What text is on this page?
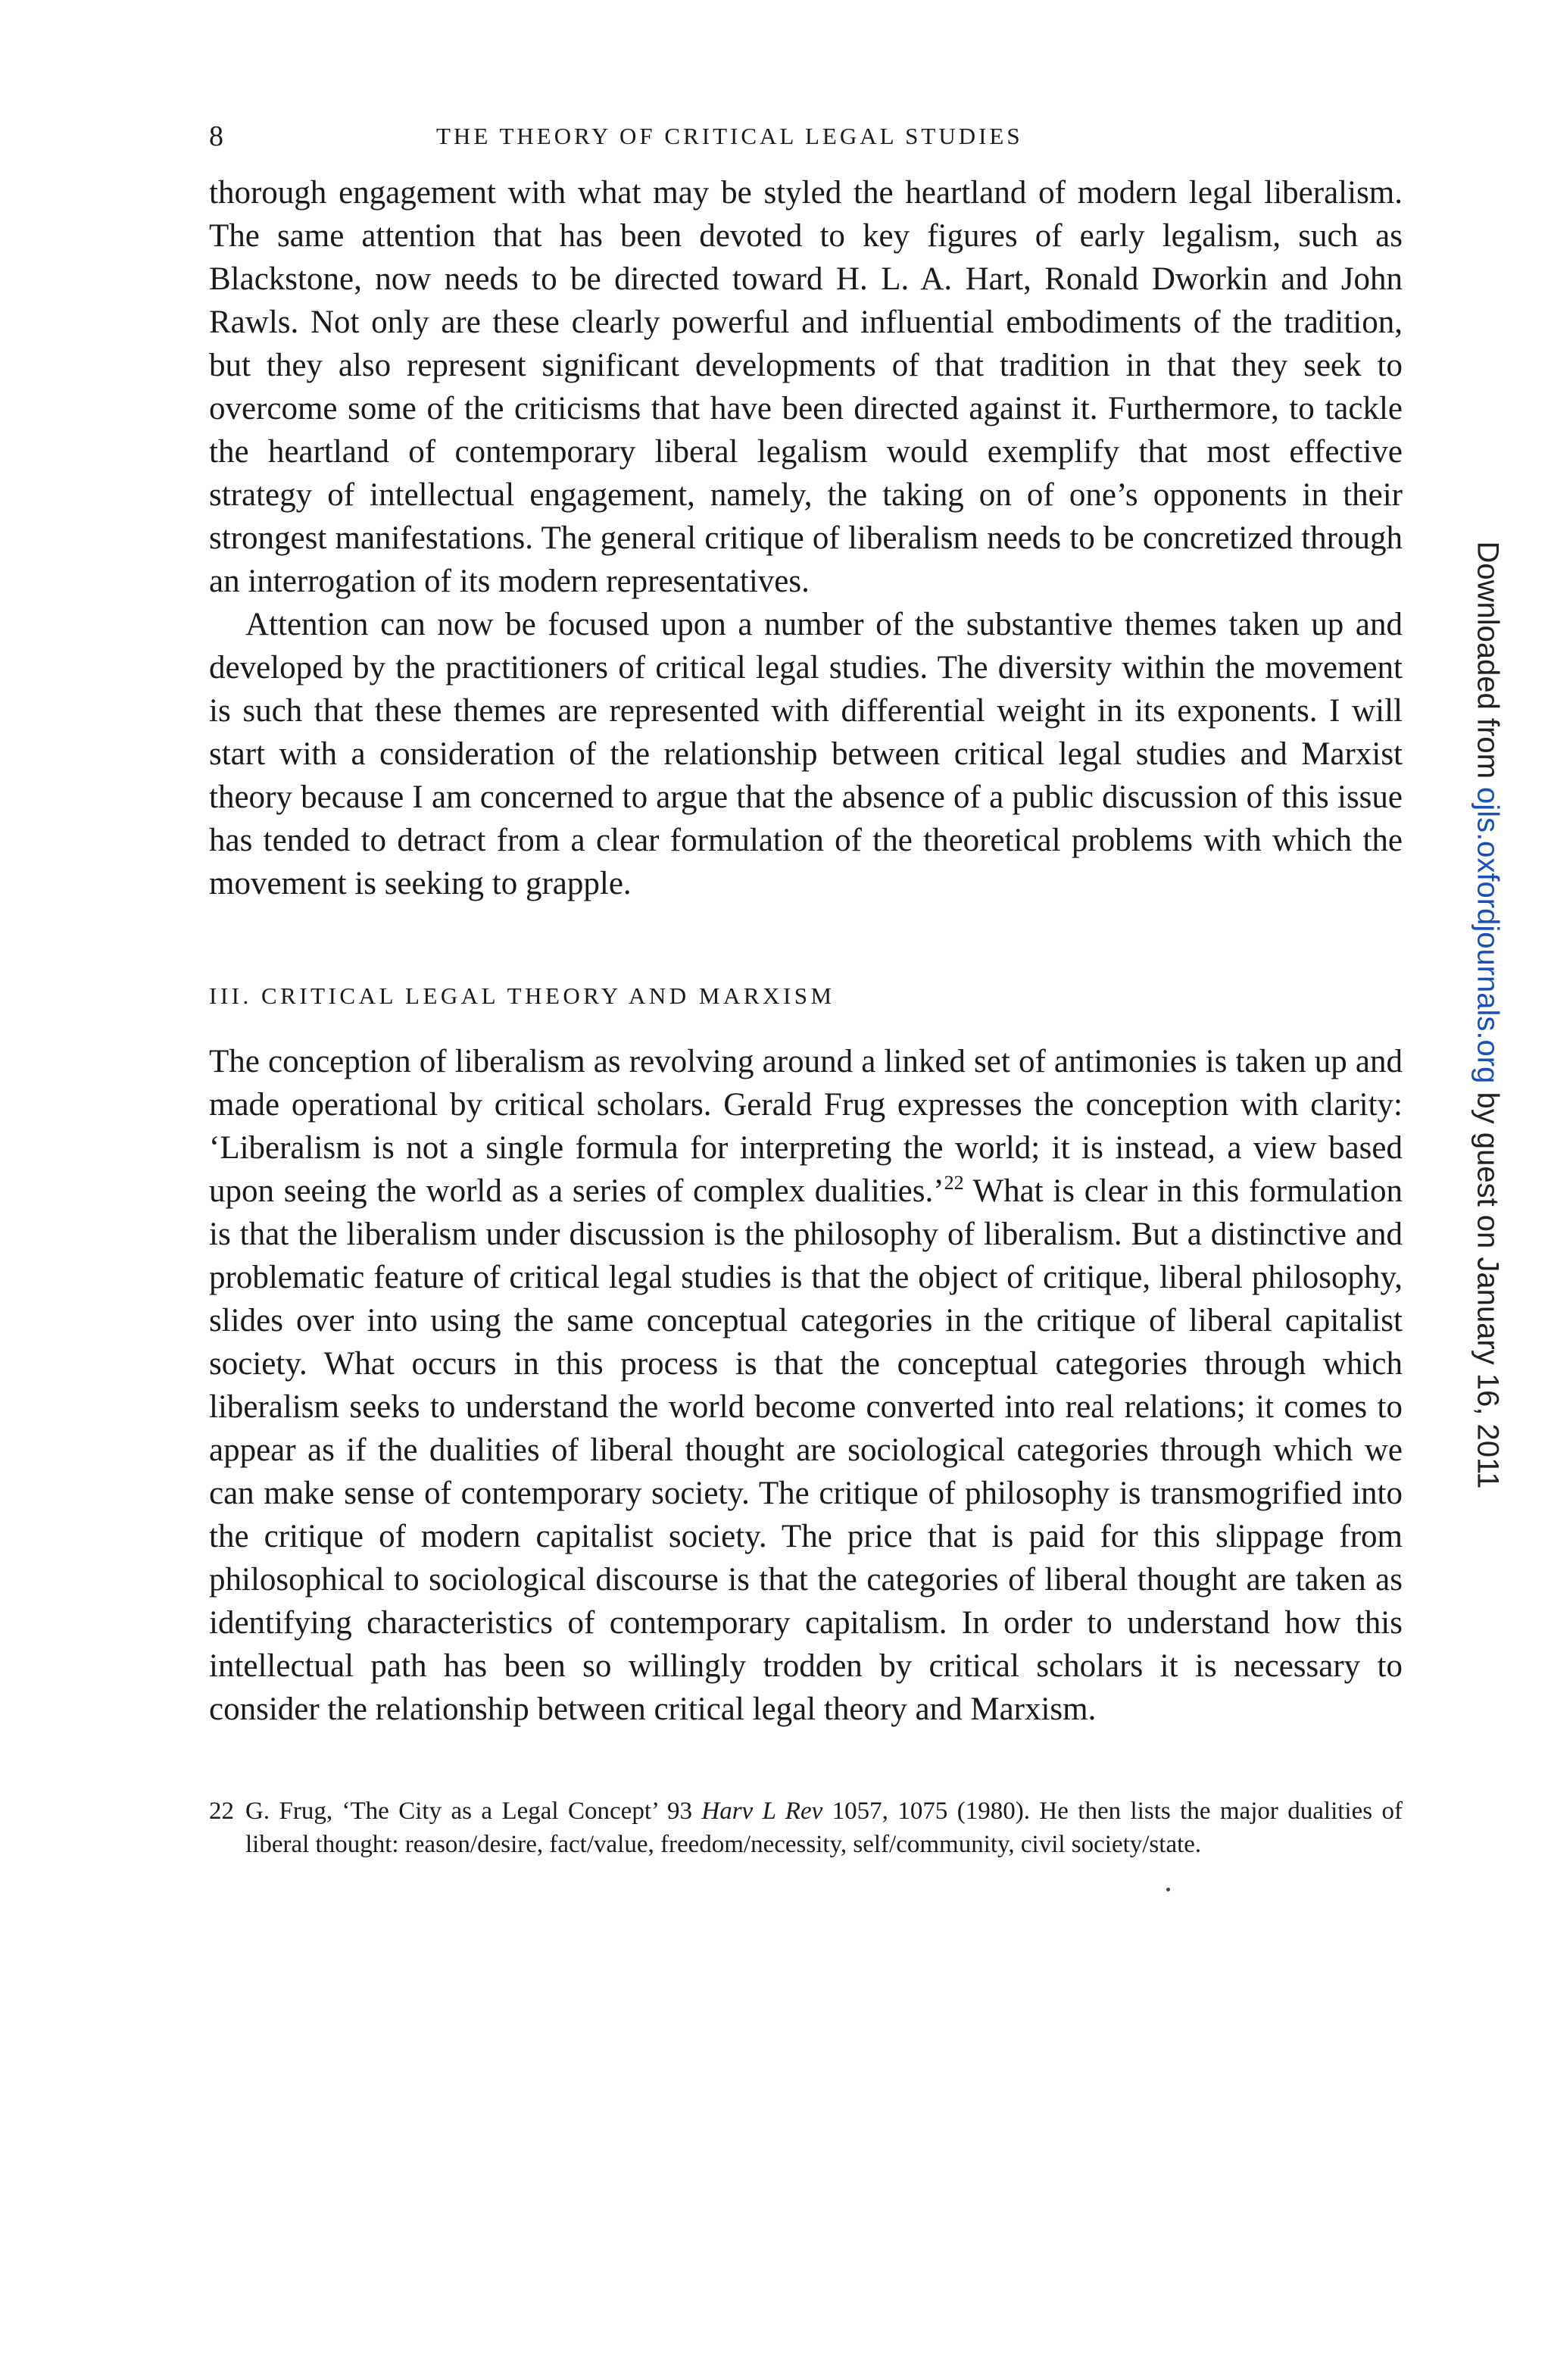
8	THE THEORY OF CRITICAL LEGAL STUDIES

thorough engagement with what may be styled the heartland of modern legal liberalism. The same attention that has been devoted to key figures of early legalism, such as Blackstone, now needs to be directed toward H. L. A. Hart, Ronald Dworkin and John Rawls. Not only are these clearly powerful and influential embodiments of the tradition, but they also represent significant developments of that tradition in that they seek to overcome some of the criticisms that have been directed against it. Furthermore, to tackle the heartland of contemporary liberal legalism would exemplify that most effective strategy of intellectual engagement, namely, the taking on of one’s opponents in their strongest manifestations. The general critique of liberalism needs to be concretized through an interrogation of its modern representatives.

Attention can now be focused upon a number of the substantive themes taken up and developed by the practitioners of critical legal studies. The diversity within the movement is such that these themes are represented with differential weight in its exponents. I will start with a consideration of the relationship between critical legal studies and Marxist theory because I am concerned to argue that the absence of a public discussion of this issue has tended to detract from a clear formulation of the theoretical problems with which the movement is seeking to grapple.

III. CRITICAL LEGAL THEORY AND MARXISM

The conception of liberalism as revolving around a linked set of antimonies is taken up and made operational by critical scholars. Gerald Frug expresses the conception with clarity: ‘Liberalism is not a single formula for interpreting the world; it is instead, a view based upon seeing the world as a series of complex dualities.’$^{22}$ What is clear in this formulation is that the liberalism under discussion is the philosophy of liberalism. But a distinctive and problematic feature of critical legal studies is that the object of critique, liberal philosophy, slides over into using the same conceptual categories in the critique of liberal capitalist society. What occurs in this process is that the conceptual categories through which liberalism seeks to understand the world become converted into real relations; it comes to appear as if the dualities of liberal thought are sociological categories through which we can make sense of contemporary society. The critique of philosophy is transmogrified into the critique of modern capitalist society. The price that is paid for this slippage from philosophical to sociological discourse is that the categories of liberal thought are taken as identifying characteristics of contemporary capitalism. In order to understand how this intellectual path has been so willingly trodden by critical scholars it is necessary to consider the relationship between critical legal theory and Marxism.

22 G. Frug, ‘The City as a Legal Concept’ 93 Harv L Rev 1057, 1075 (1980). He then lists the major dualities of liberal thought: reason/desire, fact/value, freedom/necessity, self/community, civil society/state.

Downloaded from ojls.oxfordjournals.org by guest on January 16, 2011
